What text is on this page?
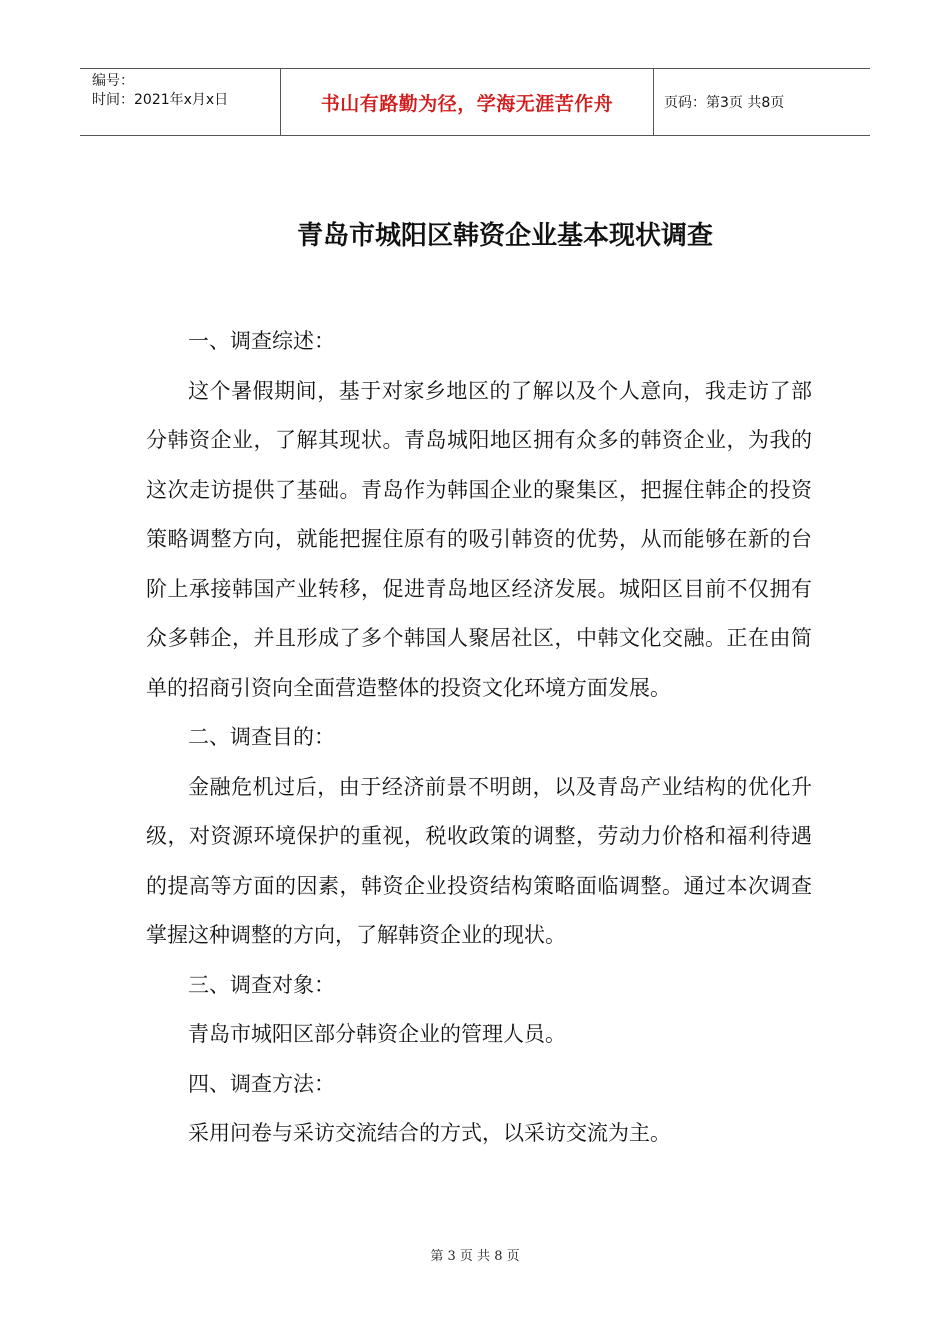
编号：
时间：2021年x月x日	书山有路勤为径，学海无涯苦作舟	页码：第3页 共8页
青岛市城阳区韩资企业基本现状调查

一、调查综述：

这个暑假期间，基于对家乡地区的了解以及个人意向，我走访了部分韩资企业，了解其现状。青岛城阳地区拥有众多的韩资企业，为我的这次走访提供了基础。青岛作为韩国企业的聚集区，把握住韩企的投资策略调整方向，就能把握住原有的吸引韩资的优势，从而能够在新的台阶上承接韩国产业转移，促进青岛地区经济发展。城阳区目前不仅拥有众多韩企，并且形成了多个韩国人聚居社区，中韩文化交融。正在由简单的招商引资向全面营造整体的投资文化环境方面发展。

二、调查目的：

金融危机过后，由于经济前景不明朗，以及青岛产业结构的优化升级，对资源环境保护的重视，税收政策的调整，劳动力价格和福利待遇的提高等方面的因素，韩资企业投资结构策略面临调整。通过本次调查掌握这种调整的方向，了解韩资企业的现状。

三、调查对象：

青岛市城阳区部分韩资企业的管理人员。

四、调查方法：

采用问卷与采访交流结合的方式，以采访交流为主。

第 3 页 共 8 页
